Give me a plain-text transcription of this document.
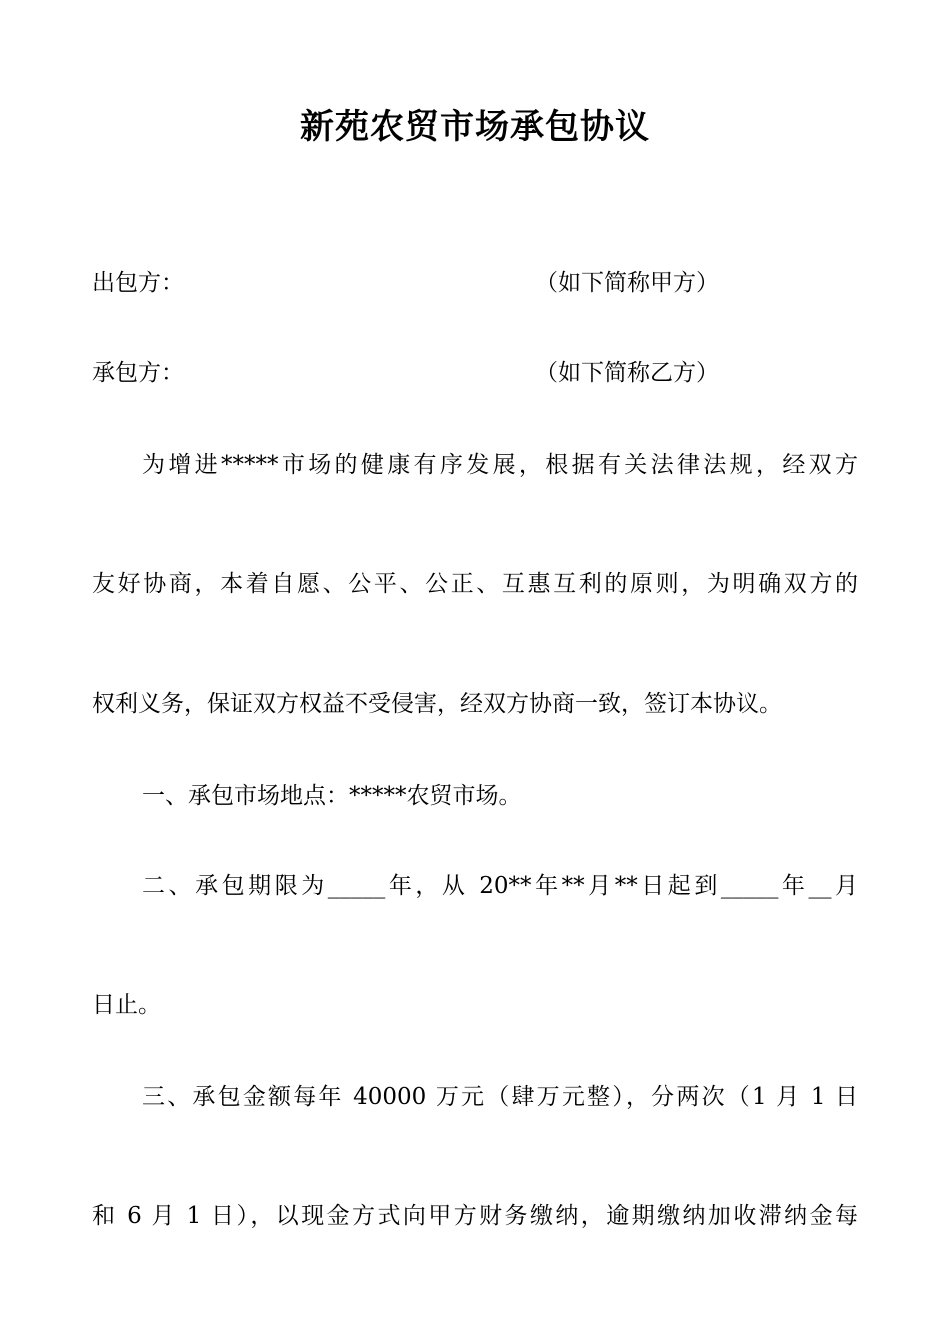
新苑农贸市场承包协议
出包方：	（如下简称甲方）
承包方：	（如下简称乙方）
为增进*****市场的健康有序发展，根据有关法律法规，经双方
友好协商，本着自愿、公平、公正、互惠互利的原则，为明确双方的
权利义务，保证双方权益不受侵害，经双方协商一致，签订本协议。
一、承包市场地点：*****农贸市场。
二、承包期限为_____年，从 20**年**月**日起到_____年__月
日止。
三、承包金额每年 40000 万元（肆万元整），分两次（1 月 1 日
和 6 月 1 日），以现金方式向甲方财务缴纳，逾期缴纳加收滞纳金每
